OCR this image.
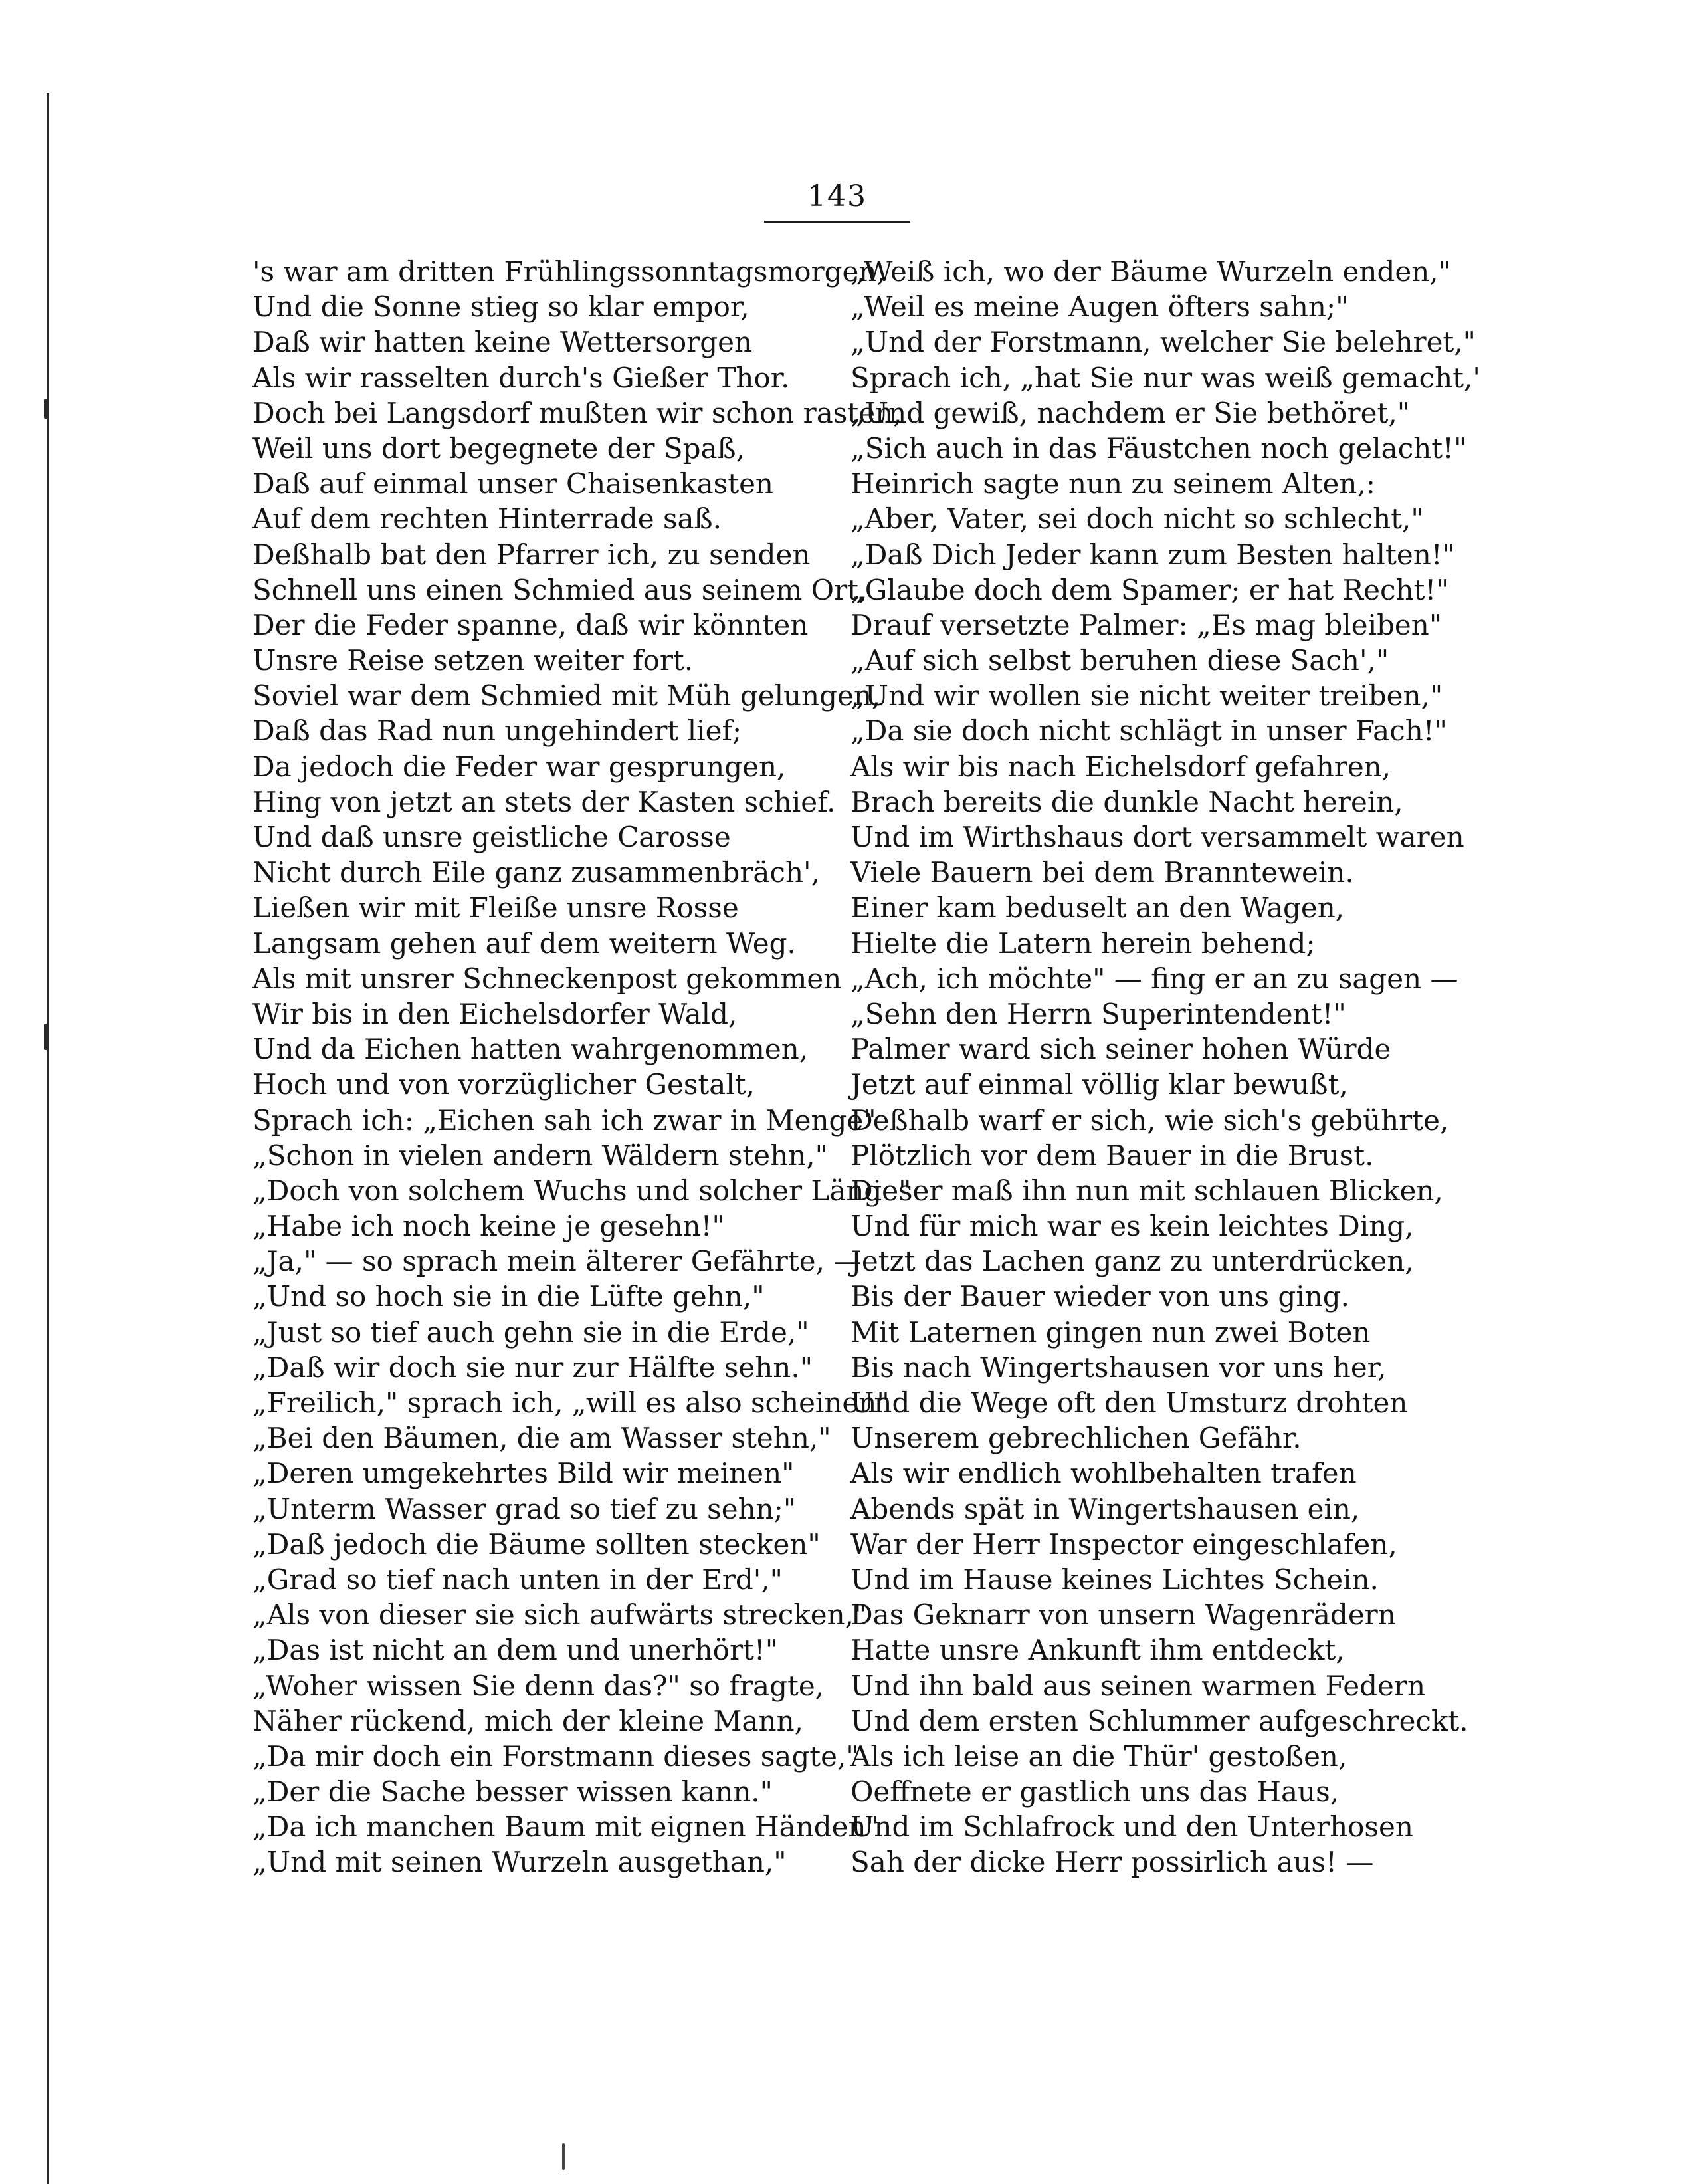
143
's war am dritten Frühlingssonntagsmorgen,
Und die Sonne stieg so klar empor,
Daß wir hatten keine Wettersorgen
Als wir rasselten durch's Gießer Thor.
Doch bei Langsdorf mußten wir schon rasten,
Weil uns dort begegnete der Spaß,
Daß auf einmal unser Chaisenkasten
Auf dem rechten Hinterrade saß.
Deßhalb bat den Pfarrer ich, zu senden
Schnell uns einen Schmied aus seinem Ort,
Der die Feder spanne, daß wir könnten
Unsre Reise setzen weiter fort.
Soviel war dem Schmied mit Müh gelungen,
Daß das Rad nun ungehindert lief;
Da jedoch die Feder war gesprungen,
Hing von jetzt an stets der Kasten schief.
Und daß unsre geistliche Carosse
Nicht durch Eile ganz zusammenbräch',
Ließen wir mit Fleiße unsre Rosse
Langsam gehen auf dem weitern Weg.
Als mit unsrer Schneckenpost gekommen
Wir bis in den Eichelsdorfer Wald,
Und da Eichen hatten wahrgenommen,
Hoch und von vorzüglicher Gestalt,
Sprach ich: „Eichen sah ich zwar in Menge"
„Schon in vielen andern Wäldern stehn,"
„Doch von solchem Wuchs und solcher Länge"
„Habe ich noch keine je gesehn!"
„Ja," — so sprach mein älterer Gefährte, —
„Und so hoch sie in die Lüfte gehn,"
„Just so tief auch gehn sie in die Erde,"
„Daß wir doch sie nur zur Hälfte sehn."
„Freilich," sprach ich, „will es also scheinen"
„Bei den Bäumen, die am Wasser stehn,"
„Deren umgekehrtes Bild wir meinen"
„Unterm Wasser grad so tief zu sehn;"
„Daß jedoch die Bäume sollten stecken"
„Grad so tief nach unten in der Erd',"
„Als von dieser sie sich aufwärts strecken,"
„Das ist nicht an dem und unerhört!"
„Woher wissen Sie denn das?" so fragte,
Näher rückend, mich der kleine Mann,
„Da mir doch ein Forstmann dieses sagte,"
„Der die Sache besser wissen kann."
„Da ich manchen Baum mit eignen Händen"
„Und mit seinen Wurzeln ausgethan,"
„Weiß ich, wo der Bäume Wurzeln enden,"
„Weil es meine Augen öfters sahn;"
„Und der Forstmann, welcher Sie belehret,"
Sprach ich, „hat Sie nur was weiß gemacht,'
„Und gewiß, nachdem er Sie bethöret,"
„Sich auch in das Fäustchen noch gelacht!"
Heinrich sagte nun zu seinem Alten,:
„Aber, Vater, sei doch nicht so schlecht,"
„Daß Dich Jeder kann zum Besten halten!"
„Glaube doch dem Spamer; er hat Recht!"
Drauf versetzte Palmer: „Es mag bleiben"
„Auf sich selbst beruhen diese Sach',"
„Und wir wollen sie nicht weiter treiben,"
„Da sie doch nicht schlägt in unser Fach!"
Als wir bis nach Eichelsdorf gefahren,
Brach bereits die dunkle Nacht herein,
Und im Wirthshaus dort versammelt waren
Viele Bauern bei dem Branntewein.
Einer kam beduselt an den Wagen,
Hielte die Latern herein behend;
„Ach, ich möchte" — fing er an zu sagen —
„Sehn den Herrn Superintendent!"
Palmer ward sich seiner hohen Würde
Jetzt auf einmal völlig klar bewußt,
Deßhalb warf er sich, wie sich's gebührte,
Plötzlich vor dem Bauer in die Brust.
Dieser maß ihn nun mit schlauen Blicken,
Und für mich war es kein leichtes Ding,
Jetzt das Lachen ganz zu unterdrücken,
Bis der Bauer wieder von uns ging.
Mit Laternen gingen nun zwei Boten
Bis nach Wingertshausen vor uns her,
Und die Wege oft den Umsturz drohten
Unserem gebrechlichen Gefähr.
Als wir endlich wohlbehalten trafen
Abends spät in Wingertshausen ein,
War der Herr Inspector eingeschlafen,
Und im Hause keines Lichtes Schein.
Das Geknarr von unsern Wagenrädern
Hatte unsre Ankunft ihm entdeckt,
Und ihn bald aus seinen warmen Federn
Und dem ersten Schlummer aufgeschreckt.
Als ich leise an die Thür' gestoßen,
Oeffnete er gastlich uns das Haus,
Und im Schlafrock und den Unterhosen
Sah der dicke Herr possirlich aus! —
